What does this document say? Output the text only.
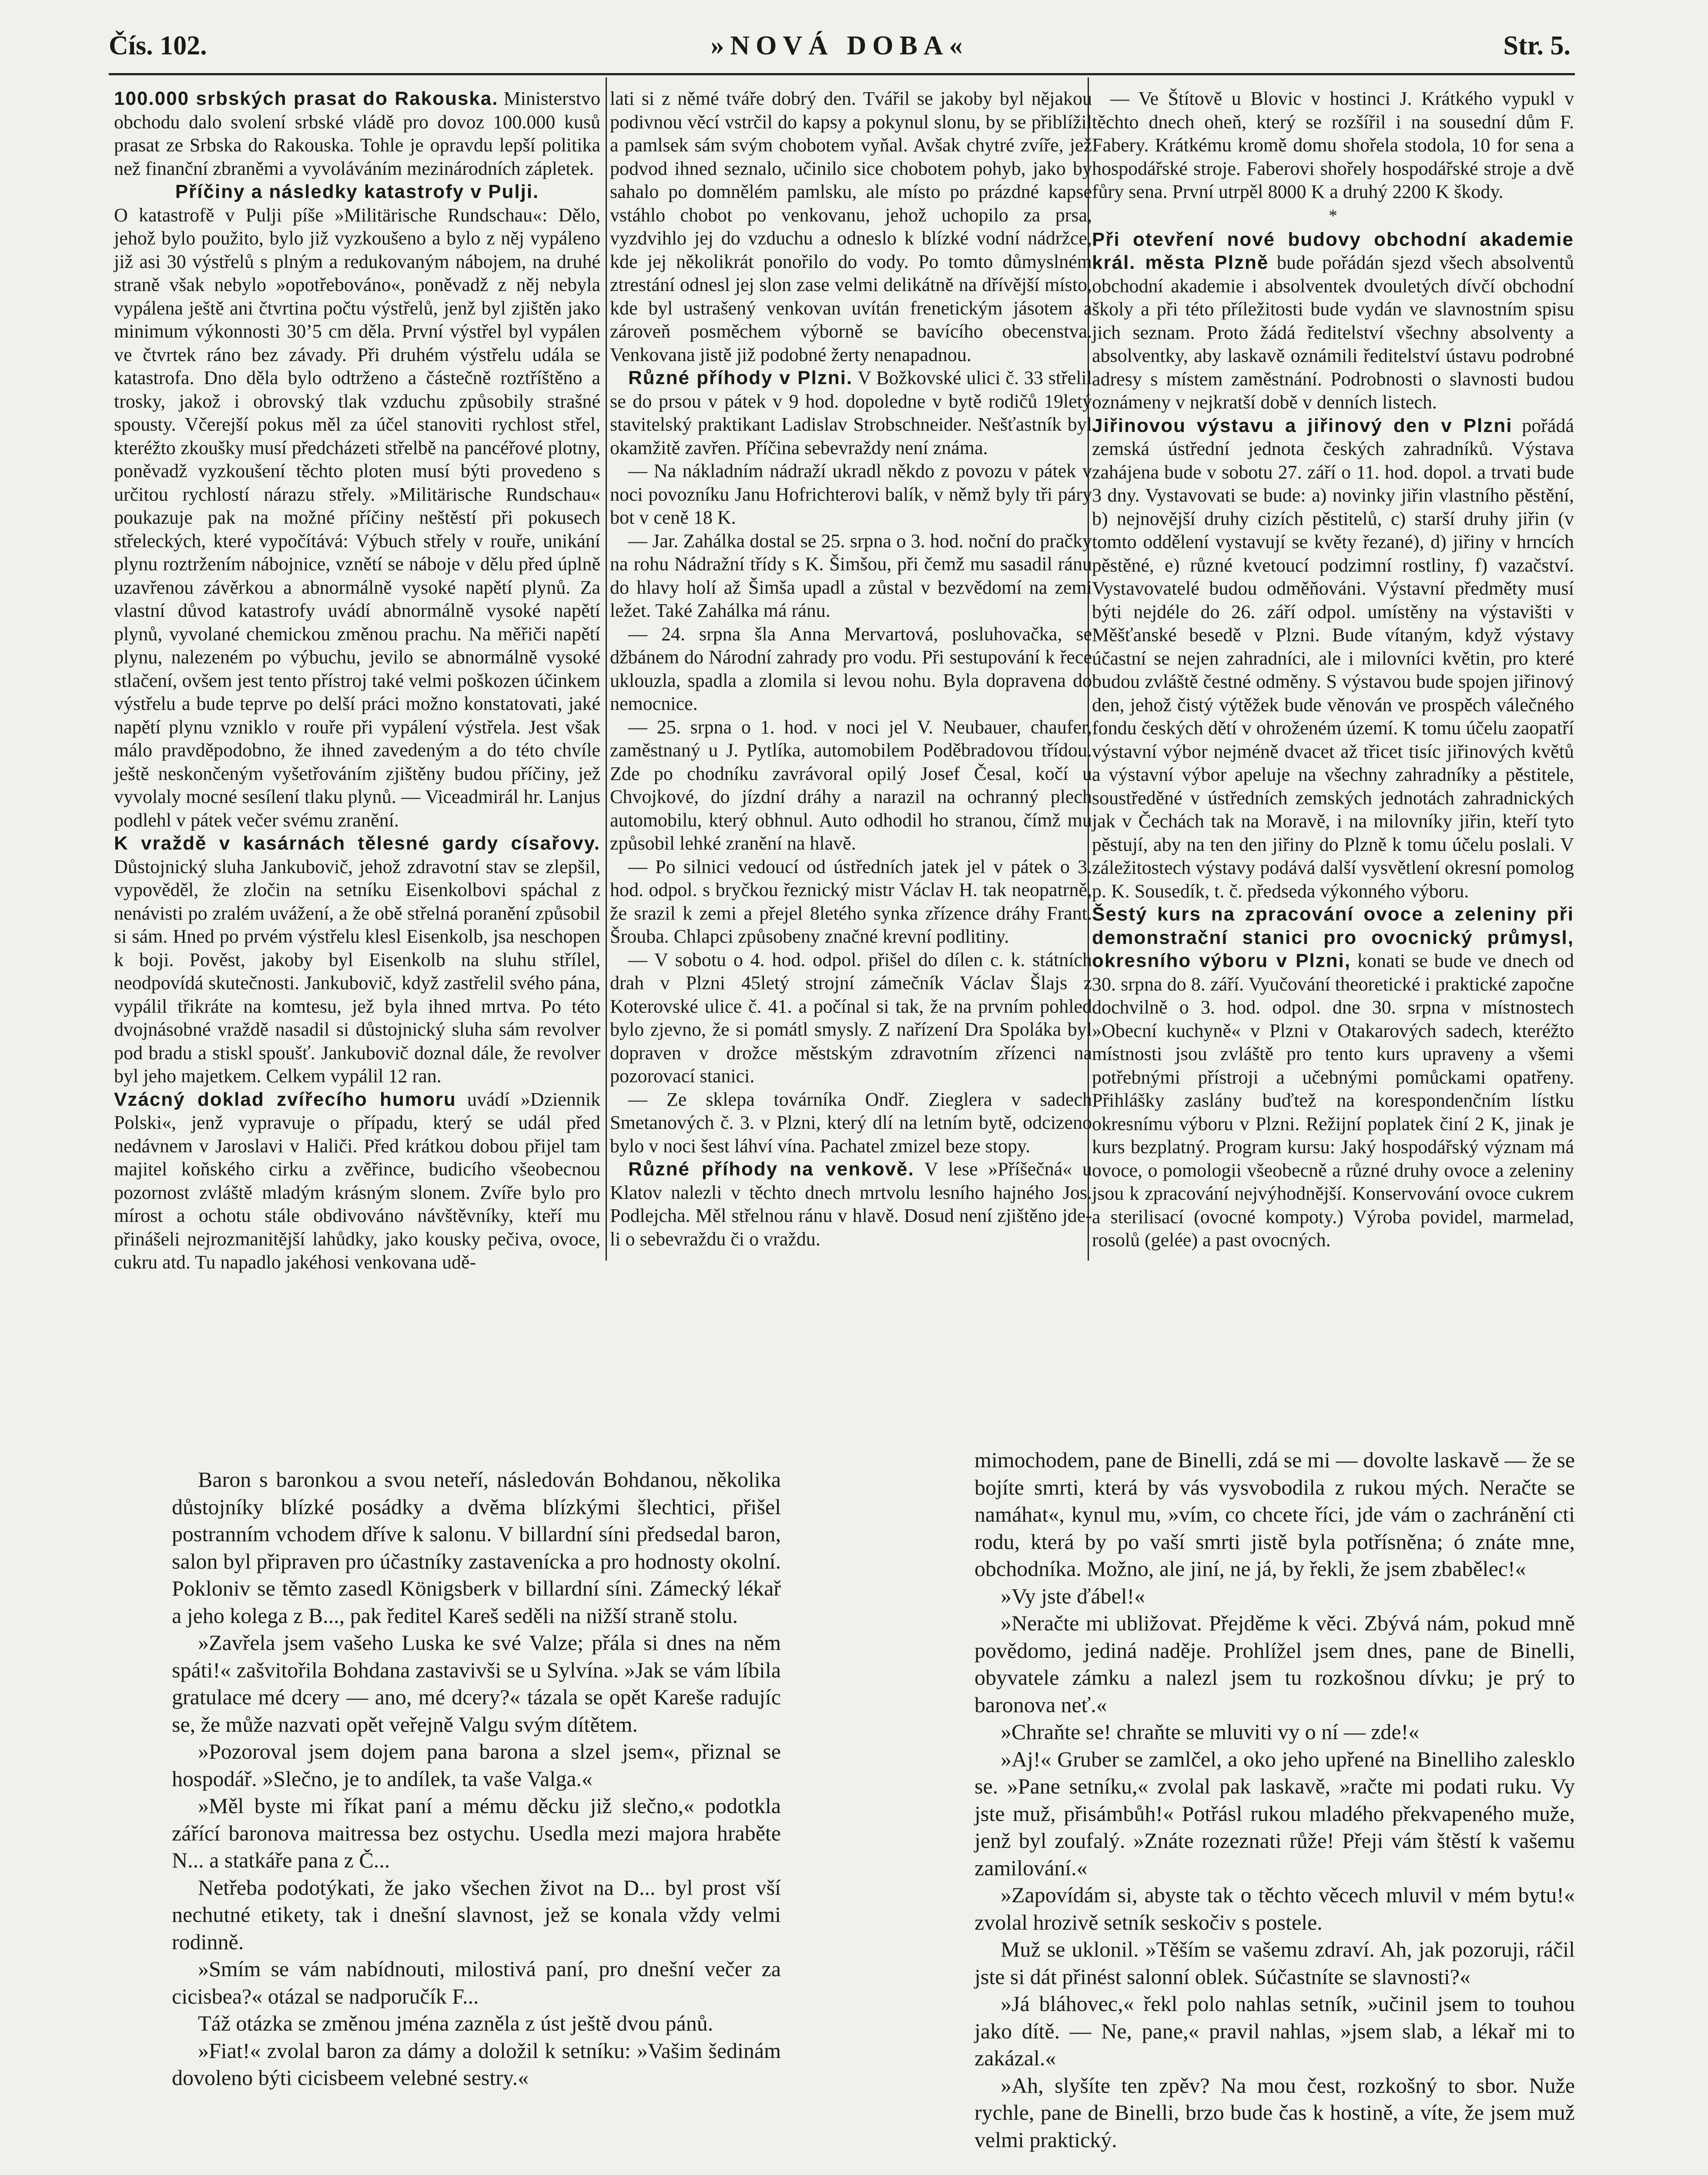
Čís. 102.	»NOVÁ DOBA«	Str. 5.

100.000 srbských prasat do Rakouska. Ministerstvo obchodu dalo svolení srbské vládě pro dovoz 100.000 kusů prasat ze Srbska do Rakouska. Tohle je opravdu lepší politika než finanční zbraněmi a vyvoláváním mezinárodních zápletek.

Příčiny a následky katastrofy v Pulji.

O katastrofě v Pulji píše »Militärische Rundschau«: Dělo, jehož bylo použito, bylo již vyzkoušeno a bylo z něj vypáleno již asi 30 výstřelů s plným a redukovaným nábojem, na druhé straně však nebylo »opotřebováno«, poněvadž z něj nebyla vypálena ještě ani čtvrtina počtu výstřelů, jenž byl zjištěn jako minimum výkonnosti 30’5 cm děla. První výstřel byl vypálen ve čtvrtek ráno bez závady. Při druhém výstřelu udála se katastrofa. Dno děla bylo odtrženo a částečně roztříštěno a trosky, jakož i obrovský tlak vzduchu způsobily strašné spousty. Včerejší pokus měl za účel stanoviti rychlost střel, kteréžto zkoušky musí předcházeti střelbě na pancéřové plotny, poněvadž vyzkoušení těchto ploten musí býti provedeno s určitou rychlostí nárazu střely. »Militärische Rundschau« poukazuje pak na možné příčiny neštěstí při pokusech střeleckých, které vypočítává: Výbuch střely v rouře, unikání plynu roztržením nábojnice, vznětí se náboje v dělu před úplně uzavřenou závěrkou a abnormálně vysoké napětí plynů. Za vlastní důvod katastrofy uvádí abnormálně vysoké napětí plynů, vyvolané chemickou změnou prachu. Na měřiči napětí plynu, nalezeném po výbuchu, jevilo se abnormálně vysoké stlačení, ovšem jest tento přístroj také velmi poškozen účinkem výstřelu a bude teprve po delší práci možno konstatovati, jaké napětí plynu vzniklo v rouře při vypálení výstřela. Jest však málo pravděpodobno, že ihned zavedeným a do této chvíle ještě neskončeným vyšetřováním zjištěny budou příčiny, jež vyvolaly mocné sesílení tlaku plynů. — Viceadmirál hr. Lanjus podlehl v pátek večer svému zranění.

K vraždě v kasárnách tělesné gardy císařovy. Důstojnický sluha Jankubovič, jehož zdravotní stav se zlepšil, vypověděl, že zločin na setníku Eisenkolbovi spáchal z nenávisti po zralém uvážení, a že obě střelná poranění způsobil si sám. Hned po prvém výstřelu klesl Eisenkolb, jsa neschopen k boji. Pověst, jakoby byl Eisenkolb na sluhu střílel, neodpovídá skutečnosti. Jankubovič, když zastřelil svého pána, vypálil třikráte na komtesu, jež byla ihned mrtva. Po této dvojnásobné vraždě nasadil si důstojnický sluha sám revolver pod bradu a stiskl spoušť. Jankubovič doznal dále, že revolver byl jeho majetkem. Celkem vypálil 12 ran.

Vzácný doklad zvířecího humoru uvádí »Dziennik Polski«, jenž vypravuje o případu, který se udál před nedávnem v Jaroslavi v Haliči. Před krátkou dobou přijel tam majitel koňského cirku a zvěřince, budicího všeobecnou pozornost zvláště mladým krásným slonem. Zvíře bylo pro mírost a ochotu stále obdivováno návštěvníky, kteří mu přinášeli nejrozmanitější lahůdky, jako kousky pečiva, ovoce, cukru atd. Tu napadlo jakéhosi venkovana udě-

lati si z němé tváře dobrý den. Tvářil se jakoby byl nějakou podivnou věcí vstrčil do kapsy a pokynul slonu, by se přiblížil a pamlsek sám svým chobotem vyňal. Avšak chytré zvíře, jež podvod ihned seznalo, učinilo sice chobotem pohyb, jako by sahalo po domnělém pamlsku, ale místo po prázdné kapse vstáhlo chobot po venkovanu, jehož uchopilo za prsa, vyzdvihlo jej do vzduchu a odneslo k blízké vodní nádržce, kde jej několikrát ponořilo do vody. Po tomto důmyslném ztrestání odnesl jej slon zase velmi delikátně na dřívější místo, kde byl ustrašený venkovan uvítán frenetickým jásotem a zároveň posměchem výborně se bavícího obecenstva. Venkovana jistě již podobné žerty nenapadnou.

Různé příhody v Plzni. V Božkovské ulici č. 33 střelil se do prsou v pátek v 9 hod. dopoledne v bytě rodičů 19letý stavitelský praktikant Ladislav Strobschneider. Nešťastník byl okamžitě zavřen. Příčina sebevraždy není známa.

— Na nákladním nádraží ukradl někdo z povozu v pátek v noci povozníku Janu Hofrichterovi balík, v němž byly tři páry bot v ceně 18 K.

— Jar. Zahálka dostal se 25. srpna o 3. hod. noční do pračky na rohu Nádražní třídy s K. Šimšou, při čemž mu sasadil ránu do hlavy holí až Šimša upadl a zůstal v bezvědomí na zemi ležet. Také Zahálka má ránu.

— 24. srpna šla Anna Mervartová, posluhovačka, se džbánem do Národní zahrady pro vodu. Při sestupování k řece uklouzla, spadla a zlomila si levou nohu. Byla dopravena do nemocnice.

— 25. srpna o 1. hod. v noci jel V. Neubauer, chaufer, zaměstnaný u J. Pytlíka, automobilem Poděbradovou třídou. Zde po chodníku zavrávoral opilý Josef Česal, kočí u Chvojkové, do jízdní dráhy a narazil na ochranný plech automobilu, který obhnul. Auto odhodil ho stranou, čímž mu způsobil lehké zranění na hlavě.

— Po silnici vedoucí od ústředních jatek jel v pátek o 3. hod. odpol. s bryčkou řeznický mistr Václav H. tak neopatrně, že srazil k zemi a přejel 8letého synka zřízence dráhy Frant. Šrouba. Chlapci způsobeny značné krevní podlitiny.

— V sobotu o 4. hod. odpol. přišel do dílen c. k. státních drah v Plzni 45letý strojní zámečník Václav Šlajs z Koterovské ulice č. 41. a počínal si tak, že na prvním pohled bylo zjevno, že si pomátl smysly. Z nařízení Dra Spoláka byl dopraven v drožce městským zdravotním zřízenci na pozorovací stanici.

— Ze sklepa továrníka Ondř. Zieglera v sadech Smetanových č. 3. v Plzni, který dlí na letním bytě, odcizeno bylo v noci šest láhví vína. Pachatel zmizel beze stopy.

Různé příhody na venkově. V lese »Příšečná« u Klatov nalezli v těchto dnech mrtvolu lesního hajného Jos. Podlejcha. Měl střelnou ránu v hlavě. Dosud není zjištěno jde-li o sebevraždu či o vraždu.

— Ve Štítově u Blovic v hostinci J. Krátkého vypukl v těchto dnech oheň, který se rozšířil i na sousední dům F. Fabery. Krátkému kromě domu shořela stodola, 10 for sena a hospodářské stroje. Faberovi shořely hospodářské stroje a dvě fůry sena. První utrpěl 8000 K a druhý 2200 K škody.

*

Při otevření nové budovy obchodní akademie král. města Plzně bude pořádán sjezd všech absolventů obchodní akademie i absolventek dvouletých dívčí obchodní školy a při této příležitosti bude vydán ve slavnostním spisu jich seznam. Proto žádá ředitelství všechny absolventy a absolventky, aby laskavě oznámili ředitelství ústavu podrobné adresy s místem zaměstnání. Podrobnosti o slavnosti budou oznámeny v nejkratší době v denních listech.

Jiřinovou výstavu a jiřinový den v Plzni pořádá zemská ústřední jednota českých zahradníků. Výstava zahájena bude v sobotu 27. září o 11. hod. dopol. a trvati bude 3 dny. Vystavovati se bude: a) novinky jiřin vlastního pěstění, b) nejnovější druhy cizích pěstitelů, c) starší druhy jiřin (v tomto oddělení vystavují se květy řezané), d) jiřiny v hrncích pěstěné, e) různé kvetoucí podzimní rostliny, f) vazačství. Vystavovatelé budou odměňováni. Výstavní předměty musí býti nejdéle do 26. září odpol. umístěny na výstavišti v Měšťanské besedě v Plzni. Bude vítaným, když výstavy účastní se nejen zahradníci, ale i milovníci květin, pro které budou zvláště čestné odměny. S výstavou bude spojen jiřinový den, jehož čistý výtěžek bude věnován ve prospěch válečného fondu českých dětí v ohroženém území. K tomu účelu zaopatří výstavní výbor nejméně dvacet až třicet tisíc jiřinových květů a výstavní výbor apeluje na všechny zahradníky a pěstitele, soustředěné v ústředních zemských jednotách zahradnických jak v Čechách tak na Moravě, i na milovníky jiřin, kteří tyto pěstují, aby na ten den jiřiny do Plzně k tomu účelu poslali. V záležitostech výstavy podává další vysvětlení okresní pomolog p. K. Sousedík, t. č. předseda výkonného výboru.

Šestý kurs na zpracování ovoce a zeleniny při demonstrační stanici pro ovocnický průmysl, okresního výboru v Plzni, konati se bude ve dnech od 30. srpna do 8. září. Vyučování theoretické i praktické započne dochvilně o 3. hod. odpol. dne 30. srpna v místnostech »Obecní kuchyně« v Plzni v Otakarových sadech, kteréžto místnosti jsou zvláště pro tento kurs upraveny a všemi potřebnými přístroji a učebnými pomůckami opatřeny. Přihlášky zaslány buďtež na korespondenčním lístku okresnímu výboru v Plzni. Režijní poplatek činí 2 K, jinak je kurs bezplatný. Program kursu: Jaký hospodářský význam má ovoce, o pomologii všeobecně a různé druhy ovoce a zeleniny jsou k zpracování nejvýhodnější. Konservování ovoce cukrem a sterilisací (ovocné kompoty.) Výroba povidel, marmelad, rosolů (gelée) a past ovocných.

Baron s baronkou a svou neteří, následován Bohdanou, několika důstojníky blízké posádky a dvěma blízkými šlechtici, přišel postranním vchodem dříve k salonu. V billardní síni předsedal baron, salon byl připraven pro účastníky zastavenícka a pro hodnosty okolní. Pokloniv se těmto zasedl Königsberk v billardní síni. Zámecký lékař a jeho kolega z B..., pak ředitel Kareš seděli na nižší straně stolu.

»Zavřela jsem vašeho Luska ke své Valze; přála si dnes na něm spáti!« zašvitořila Bohdana zastavivši se u Sylvína. »Jak se vám líbila gratulace mé dcery — ano, mé dcery?« tázala se opět Kareše radujíc se, že může nazvati opět veřejně Valgu svým dítětem.

»Pozoroval jsem dojem pana barona a slzel jsem«, přiznal se hospodář. »Slečno, je to andílek, ta vaše Valga.«

»Měl byste mi říkat paní a mému děcku již slečno,« podotkla zářící baronova maitressa bez ostychu. Usedla mezi majora hraběte N... a statkáře pana z Č...

Netřeba podotýkati, že jako všechen život na D... byl prost vší nechutné etikety, tak i dnešní slavnost, jež se konala vždy velmi rodinně.

»Smím se vám nabídnouti, milostivá paní, pro dnešní večer za cicisbea?« otázal se nadporučík F...

Táž otázka se změnou jména zazněla z úst ještě dvou pánů.

»Fiat!« zvolal baron za dámy a doložil k setníku: »Vašim šedinám dovoleno býti cicisbeem velebné sestry.«

mimochodem, pane de Binelli, zdá se mi — dovolte laskavě — že se bojíte smrti, která by vás vysvobodila z rukou mých. Neračte se namáhat«, kynul mu, »vím, co chcete říci, jde vám o zachránění cti rodu, která by po vaší smrti jistě byla potřísněna; ó znáte mne, obchodníka. Možno, ale jiní, ne já, by řekli, že jsem zbabělec!«

»Vy jste ďábel!«

»Neračte mi ubližovat. Přejděme k věci. Zbývá nám, pokud mně povědomo, jediná naděje. Prohlížel jsem dnes, pane de Binelli, obyvatele zámku a nalezl jsem tu rozkošnou dívku; je prý to baronova neť.«

»Chraňte se! chraňte se mluviti vy o ní — zde!«

»Aj!« Gruber se zamlčel, a oko jeho upřené na Binelliho zalesklo se. »Pane setníku,« zvolal pak laskavě, »račte mi podati ruku. Vy jste muž, přisámbůh!« Potřásl rukou mladého překvapeného muže, jenž byl zoufalý. »Znáte rozeznati růže! Přeji vám štěstí k vašemu zamilování.«

»Zapovídám si, abyste tak o těchto věcech mluvil v mém bytu!« zvolal hrozivě setník seskočiv s postele.

Muž se uklonil. »Těším se vašemu zdraví. Ah, jak pozoruji, ráčil jste si dát přinést salonní oblek. Súčastníte se slavnosti?«

»Já bláhovec,« řekl polo nahlas setník, »učinil jsem to touhou jako dítě. — Ne, pane,« pravil nahlas, »jsem slab, a lékař mi to zakázal.«

»Ah, slyšíte ten zpěv? Na mou čest, rozkošný to sbor. Nuže rychle, pane de Binelli, brzo bude čas k hostině, a víte, že jsem muž velmi praktický.
